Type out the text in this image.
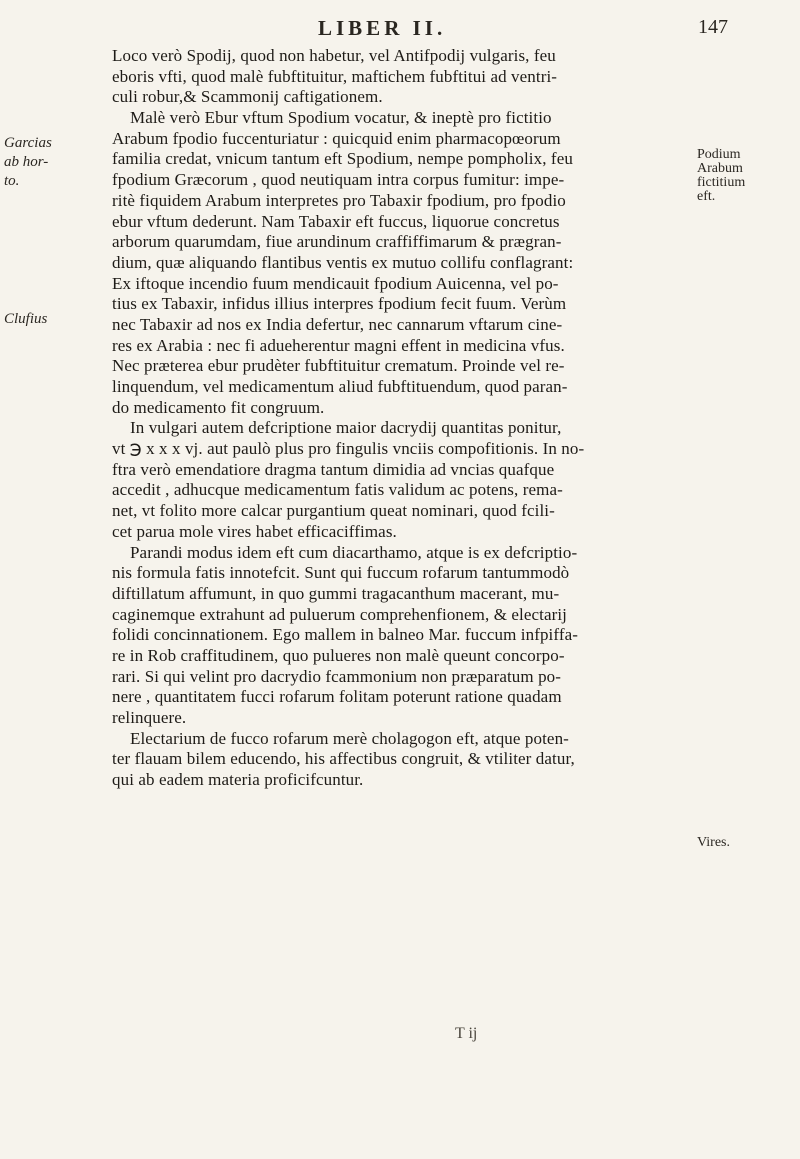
LIBER II.	147
Garcias
ab hor-
to.
Clufius
Podium
Arabum
fictitium
eft.
Vires.
Loco verò Spodij, quod non habetur, vel Antifpodij vulgaris, feu
eboris vfti, quod malè fubftituitur, maftichem fubftitui ad ventri-
culi robur,& Scammonij caftigationem.
Malè verò Ebur vftum Spodium vocatur, & ineptè pro fictitio
Arabum fpodio fuccenturiatur : quicquid enim pharmacopœorum
familia credat, vnicum tantum eft Spodium, nempe pompholix, feu
fpodium Græcorum , quod neutiquam intra corpus fumitur: impe-
ritè fiquidem Arabum interpretes pro Tabaxir fpodium, pro fpodio
ebur vftum dederunt. Nam Tabaxir eft fuccus, liquorue concretus
arborum quarumdam, fiue arundinum craffiffimarum & prægran-
dium, quæ aliquando flantibus ventis ex mutuo collifu conflagrant:
Ex iftoque incendio fuum mendicauit fpodium Auicenna, vel po-
tius ex Tabaxir, infidus illius interpres fpodium fecit fuum. Verùm
nec Tabaxir ad nos ex India defertur, nec cannarum vftarum cine-
res ex Arabia : nec fi adueherentur magni effent in medicina vfus.
Nec præterea ebur prudèter fubftituitur crematum. Proinde vel re-
linquendum, vel medicamentum aliud fubftituendum, quod paran-
do medicamento fit congruum.
In vulgari autem defcriptione maior dacrydij quantitas ponitur,
vt ℈ x x x vj. aut paulò plus pro fingulis vnciis compofitionis. In no-
ftra verò emendatiore dragma tantum dimidia ad vncias quafque
accedit , adhucque medicamentum fatis validum ac potens, rema-
net, vt folito more calcar purgantium queat nominari, quod fcili-
cet parua mole vires habet efficaciffimas.
Parandi modus idem eft cum diacarthamo, atque is ex defcriptio-
nis formula fatis innotefcit. Sunt qui fuccum rofarum tantummodò
diftillatum affumunt, in quo gummi tragacanthum macerant, mu-
caginemque extrahunt ad puluerum comprehenfionem, & electarij
folidi concinnationem. Ego mallem in balneo Mar. fuccum infpiffa-
re in Rob craffitudinem, quo pulueres non malè queunt concorpo-
rari. Si qui velint pro dacrydio fcammonium non præparatum po-
nere , quantitatem fucci rofarum folitam poterunt ratione quadam
relinquere.
Electarium de fucco rofarum merè cholagogon eft, atque poten-
ter flauam bilem educendo, his affectibus congruit, & vtiliter datur,
qui ab eadem materia proficifcuntur.
T ij
